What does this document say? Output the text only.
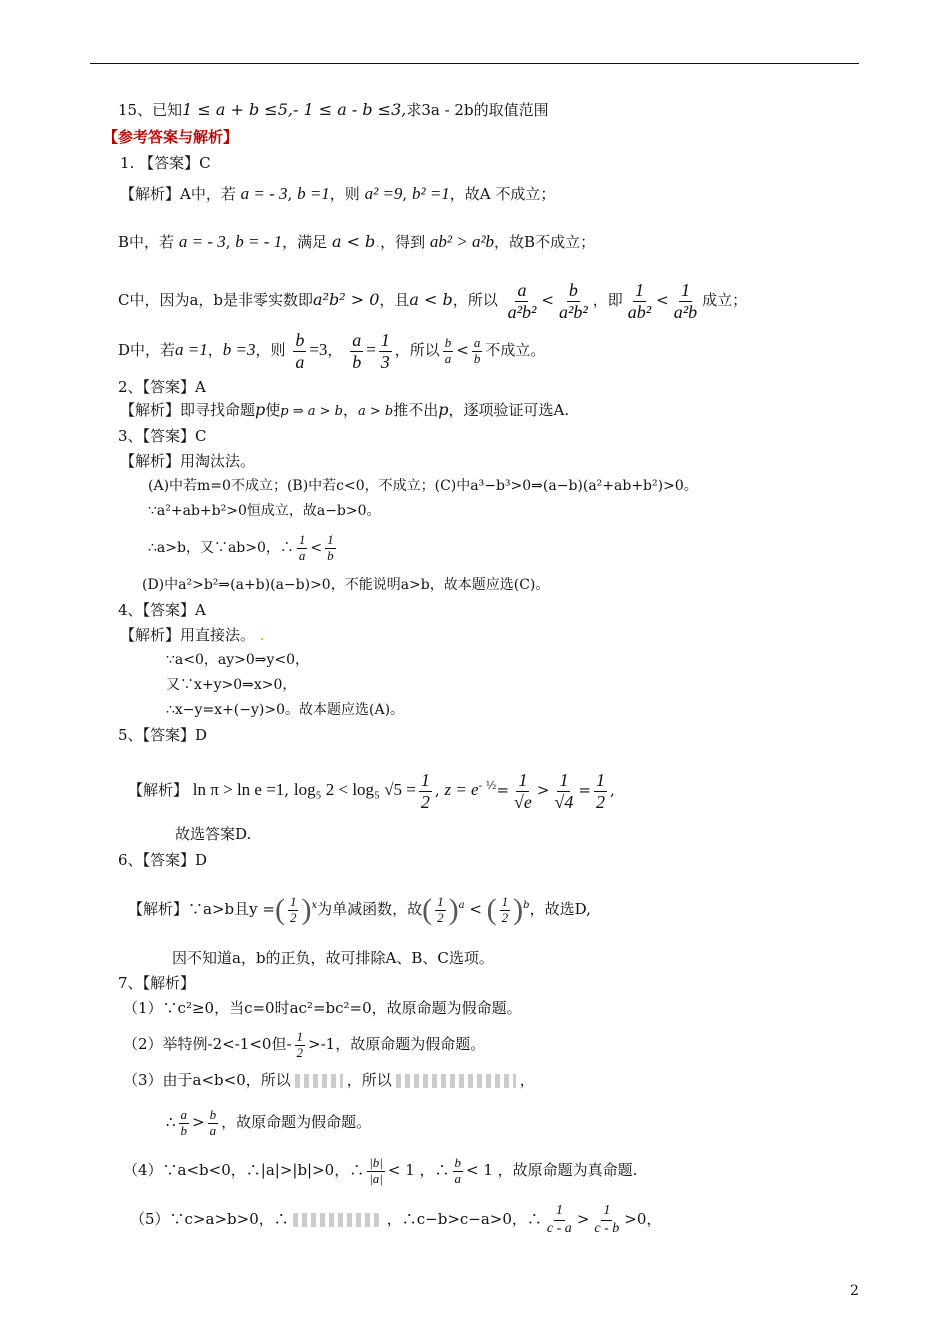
15、已知1 ≤ a + b ≤5,- 1 ≤ a - b ≤3,求3a - 2b的取值范围
【参考答案与解析】
1. 【答案】C
【解析】A中，若 a = - 3, b =1，则 a² =9, b² =1，故A 不成立；
B中，若 a = - 3, b = - 1，满足 a < b.，得到 ab² > a²b，故B不成立；
C中，因为a，b是非零实数即a²b² > 0，且a < b，所以 $\frac{a}{\text{a²b²}} < \frac{b}{\text{a²b²}}$ ，即 $\frac{1}{\text{ab²}} < \frac{1}{\text{a²b}}$ 成立；
D中，若a =1，b =3，则 $\frac{b}{a} =3$， $\frac{a}{b} = \frac{1}{3}$ ，所以 $\frac{b}{a} < \frac{a}{b}$ 不成立。
2、【答案】A
【解析】即寻找命题p使p ⇒ a > b，a > b推不出p，逐项验证可选A.
3、【答案】C
【解析】用淘汰法。
(A)中若m=0不成立；(B)中若c<0，不成立；(C)中a³−b³>0⇒(a−b)(a²+ab+b²)>0。
∵a²+ab+b²>0恒成立，故a−b>0。
∴a>b，又∵ab>0，∴ $\frac{1}{a} < \frac{1}{b}$
(D)中a²>b²⇒(a+b)(a−b)>0，不能说明a>b，故本题应选(C)。
4、【答案】A
【解析】用直接法。 .
∵a<0，ay>0⇒y<0，
又∵x+y>0⇒x>0，
∴x−y=x+(−y)>0。故本题应选(A)。
5、【答案】D
【解析】 ln π > ln e =1, log₅ 2 < log₅ $√5 = \frac{1}{2}$ , $z = e^{- \frac{1}{2}}= \frac{1}{√e} > \frac{1}{√4} = \frac{1}{2}$ ,
故选答案D.
6、【答案】D
【解析】∵a>b且y =( $\frac{1}{2} )^x$为单减函数，故( $\frac{1}{2} )^a$ < ( $\frac{1}{2} )^b$，故选D,
因不知道a，b的正负，故可排除A、B、C选项。
7、【解析】
（1）∵c²≥0，当c=0时ac²=bc²=0，故原命题为假命题。
（2）举特例-2<-1<0但- $\frac{1}{2} >-1$，故原命题为假命题。
（3）由于a<b<0，所以	，所以	，
∴ $\frac{a}{b} > \frac{b}{a}$ ，故原命题为假命题。
（4）∵a<b<0，∴|a|>|b|>0，∴ $\frac{|b|}{|a|} < 1$ ，∴ $\frac{b}{a} < 1$ ，故原命题为真命题.
（5）∵c>a>b>0，∴	，∴c−b>c−a>0，∴ $\frac{1}{c - a} > \frac{1}{c - b} >0$，
2
